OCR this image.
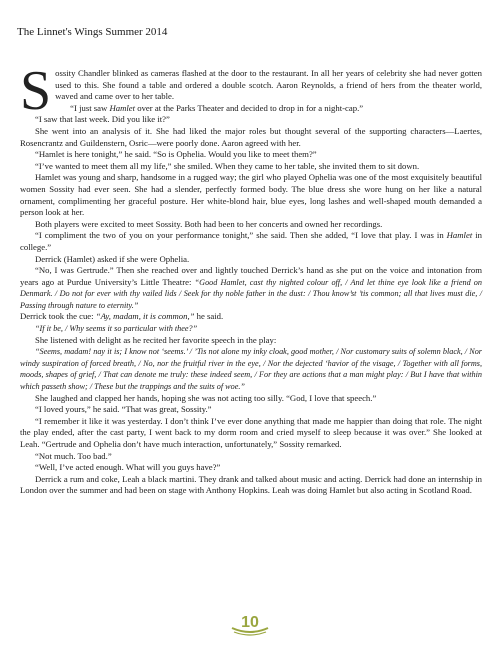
The Linnet's Wings Summer 2014

Sossity Chandler blinked as cameras flashed at the door to the restaurant. In all her years of celebrity she had never gotten used to this. She found a table and ordered a double scotch. Aaron Reynolds, a friend of hers from the theater world, waved and came over to her table.

“I just saw Hamlet over at the Parks Theater and decided to drop in for a night-cap.”

“I saw that last week. Did you like it?”

She went into an analysis of it. She had liked the major roles but thought several of the supporting characters—Laertes, Rosencrantz and Guildenstern, Osric—were poorly done. Aaron agreed with her.

“Hamlet is here tonight,” he said. “So is Ophelia. Would you like to meet them?”

“I’ve wanted to meet them all my life,” she smiled. When they came to her table, she invited them to sit down.

Hamlet was young and sharp, handsome in a rugged way; the girl who played Ophelia was one of the most exquisitely beautiful women Sossity had ever seen. She had a slender, perfectly formed body. The blue dress she wore hung on her like a natural ornament, complimenting her graceful posture. Her white-blond hair, blue eyes, long lashes and well-shaped mouth demanded a person look at her.

Both players were excited to meet Sossity. Both had been to her concerts and owned her recordings.

“I compliment the two of you on your performance tonight,” she said. Then she added, “I love that play. I was in Hamlet in college.”

Derrick (Hamlet) asked if she were Ophelia.

“No, I was Gertrude.” Then she reached over and lightly touched Derrick’s hand as she put on the voice and intonation from years ago at Purdue University’s Little Theatre: “Good Hamlet, cast thy nighted colour off, / And let thine eye look like a friend on Denmark. / Do not for ever with thy vailed lids / Seek for thy noble father in the dust: / Thou know’st ’tis common; all that lives must die, / Passing through nature to eternity.”

Derrick took the cue: “Ay, madam, it is common,” he said.

“If it be, / Why seems it so particular with thee?”

She listened with delight as he recited her favorite speech in the play:

“Seems, madam! nay it is; I know not ‘seems.’ / ’Tis not alone my inky cloak, good mother, / Nor customary suits of solemn black, / Nor windy suspiration of forced breath, / No, nor the fruitful river in the eye, / Nor the dejected ‘havior of the visage, / Together with all forms, moods, shapes of grief, / That can denote me truly: these indeed seem, / For they are actions that a man might play: / But I have that within which passeth show; / These but the trappings and the suits of woe.”

She laughed and clapped her hands, hoping she was not acting too silly. “God, I love that speech.”

“I loved yours,” he said. “That was great, Sossity.”

“I remember it like it was yesterday. I don’t think I’ve ever done anything that made me happier than doing that role. The night the play ended, after the cast party, I went back to my dorm room and cried myself to sleep because it was over.” She looked at Leah. “Gertrude and Ophelia don’t have much interaction, unfortunately,” Sossity remarked.

“Not much. Too bad.”

“Well, I’ve acted enough. What will you guys have?”

Derrick a rum and coke, Leah a black martini. They drank and talked about music and acting. Derrick had done an internship in London over the summer and had been on stage with Anthony Hopkins. Leah was doing Hamlet but also acting in Scotland Road.

10
